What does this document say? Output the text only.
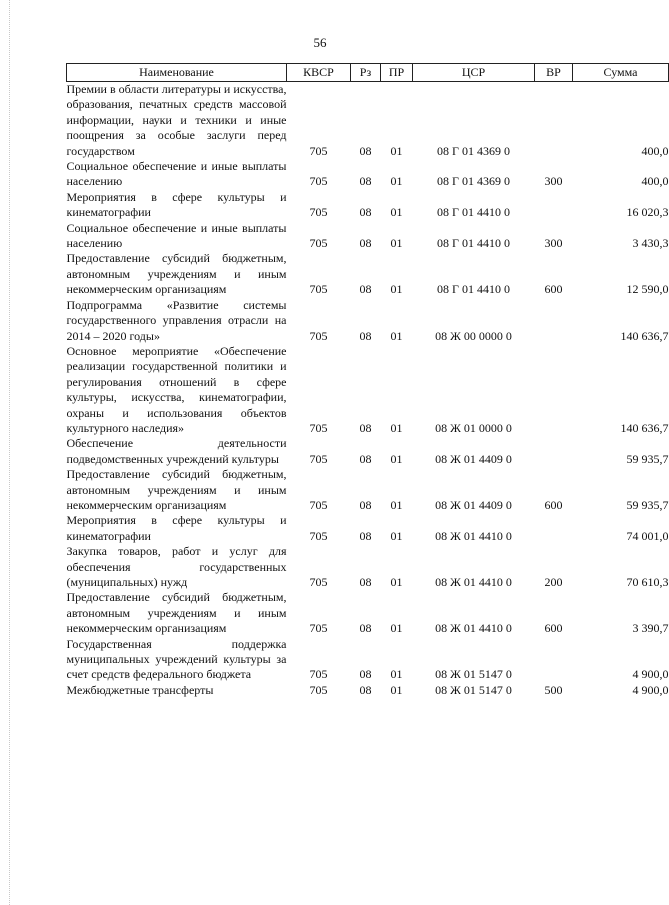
56
Наименование	КВСР	Рз	ПР	ЦСР	ВР	Сумма
Премии в области литературы и искусства, образования, печатных средств массовой информации, науки и техники и иные поощрения за особые заслуги перед государством	705	08	01	08 Г 01 4369 0		400,0
Социальное обеспечение и иные выплаты населению	705	08	01	08 Г 01 4369 0	300	400,0
Мероприятия в сфере культуры и кинематографии	705	08	01	08 Г 01 4410 0		16 020,3
Социальное обеспечение и иные выплаты населению	705	08	01	08 Г 01 4410 0	300	3 430,3
Предоставление субсидий бюджетным, автономным учреждениям и иным некоммерческим организациям	705	08	01	08 Г 01 4410 0	600	12 590,0
Подпрограмма «Развитие системы государственного управления отрасли на 2014 – 2020 годы»	705	08	01	08 Ж 00 0000 0		140 636,7
Основное мероприятие «Обеспечение реализации государственной политики и регулирования отношений в сфере культуры, искусства, кинематографии, охраны и использования объектов культурного наследия»	705	08	01	08 Ж 01 0000 0		140 636,7
Обеспечение деятельности подведомственных учреждений культуры	705	08	01	08 Ж 01 4409 0		59 935,7
Предоставление субсидий бюджетным, автономным учреждениям и иным некоммерческим организациям	705	08	01	08 Ж 01 4409 0	600	59 935,7
Мероприятия в сфере культуры и кинематографии	705	08	01	08 Ж 01 4410 0		74 001,0
Закупка товаров, работ и услуг для обеспечения государственных (муниципальных) нужд	705	08	01	08 Ж 01 4410 0	200	70 610,3
Предоставление субсидий бюджетным, автономным учреждениям и иным некоммерческим организациям	705	08	01	08 Ж 01 4410 0	600	3 390,7
Государственная поддержка муниципальных учреждений культуры за счет средств федерального бюджета	705	08	01	08 Ж 01 5147 0		4 900,0
Межбюджетные трансферты	705	08	01	08 Ж 01 5147 0	500	4 900,0
